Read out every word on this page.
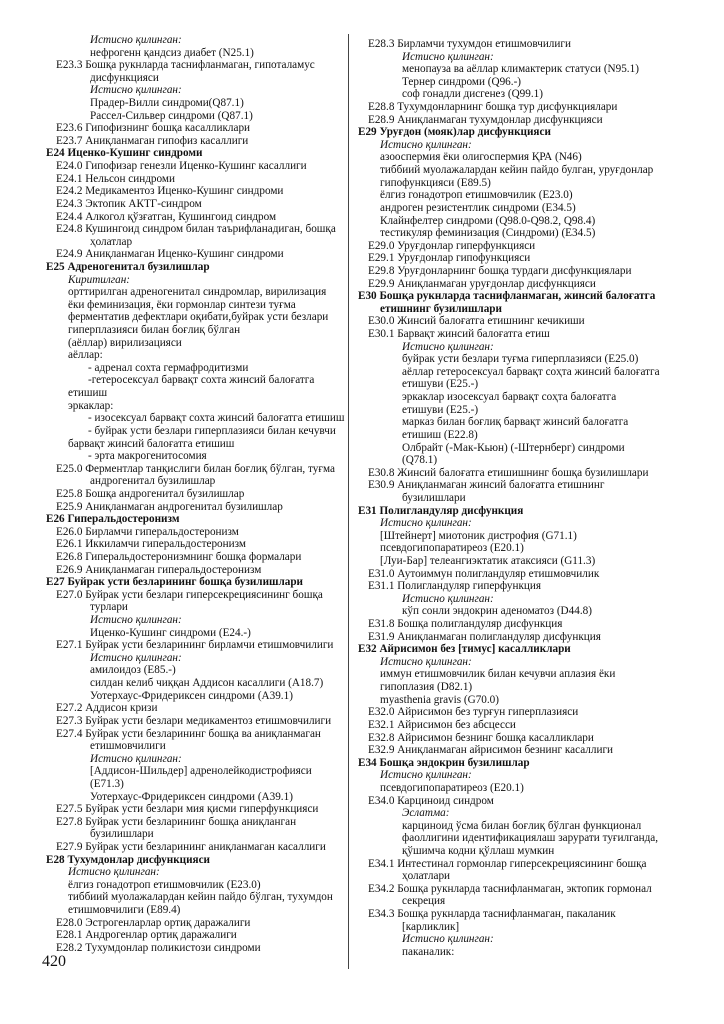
Истисно қилинган:
нефрогенн қандсиз диабет (N25.1)
E23.3 Бошқа рукнларда таснифланмаган, гипоталамус
дисфункцияси
Истисно қилинган:
Прадер-Вилли синдроми(Q87.1)
Рассел-Сильвер синдроми (Q87.1)
E23.6 Гипофизнинг бошқа касалликлари
E23.7 Аниқланмаган гипофиз касаллиги
E24 Иценко-Кушинг синдроми
E24.0 Гипофизар генезли Иценко-Кушинг касаллиги
E24.1 Нельсон синдроми
E24.2 Медикаментоз Иценко-Кушинг синдроми
E24.3 Эктопик АКТГ-синдром
E24.4 Алкогол қўзғатган, Кушингоид синдром
E24.8 Кушингоид синдром билан таърифланадиган, бошқа
ҳолатлар
E24.9 Аниқланмаган Иценко-Кушинг синдроми
E25 Адреногенитал бузилишлар
Киритилган:
орттирилган адреногенитал синдромлар, вирилизация
ёки феминизация, ёки гормонлар синтези туғма
ферментатив дефектлари оқибати,буйрак усти безлари
гиперплазияси билан боғлиқ бўлган
(аёллар) вирилизацияси
аёллар:
- адренал сохта гермафродитизми
-гетеросексуал барвақт сохта жинсий балоғатга
етишиш
эркаклар:
- изосексуал барвақт сохта жинсий балоғатга етишиш
- буйрак усти безлари гиперплазияси билан кечувчи
барвақт жинсий балоғатга етишиш
- эрта макрогенитосомия
E25.0 Ферментлар танқислиги билан боғлиқ бўлган, туғма
андрогенитал бузилишлар
E25.8 Бошқа андрогенитал бузилишлар
E25.9 Аниқланмаган андрогенитал бузилишлар
E26 Гиперальдостеронизм
E26.0 Бирламчи гиперальдостеронизм
E26.1 Иккиламчи гиперальдостеронизм
E26.8 Гиперальдостеронизмнинг бошқа формалари
E26.9 Аниқланмаган гиперальдостеронизм
E27 Буйрак усти безларининг бошқа бузилишлари
E27.0 Буйрак усти безлари гиперсекрециясининг бошқа
турлари
Истисно қилинган:
Иценко-Кушинг синдроми (E24.-)
E27.1 Буйрак усти безларининг бирламчи етишмовчилиги
Истисно қилинган:
амилоидоз (E85.-)
силдан келиб чиққан Аддисон касаллиги (A18.7)
Уотерхаус-Фридериксен синдроми (A39.1)
E27.2 Аддисон кризи
E27.3 Буйрак усти безлари медикаментоз етишмовчилиги
E27.4 Буйрак усти безларининг бошқа ва аниқланмаган
етишмовчилиги
Истисно қилинган:
[Аддисон-Шильдер] адренолейкодистрофияси
(E71.3)
Уотерхаус-Фридериксен синдроми (A39.1)
E27.5 Буйрак усти безлари мия қисми гиперфункцияси
E27.8 Буйрак усти безларининг бошқа аниқланган
бузилишлари
E27.9 Буйрак усти безларининг аниқланмаган касаллиги
E28 Тухумдонлар дисфункцияси
Истисно қилинган:
ёлгиз гонадотроп етишмовчилик (E23.0)
тиббиий муолажалардан кейин пайдо бўлган, тухумдон
етишмовчилиги (E89.4)
E28.0 Эстрогенларлар ортиқ даражалиги
E28.1 Андрогенлар ортиқ даражалиги
E28.2 Тухумдонлар поликистози синдроми
E28.3 Бирламчи тухумдон етишмовчилиги
Истисно қилинган:
менопауза ва аёллар климактерик статуси (N95.1)
Тернер синдроми (Q96.-)
соф гонадли дисгенез (Q99.1)
E28.8 Тухумдонларнинг бошқа тур дисфункциялари
E28.9 Аниқланмаган тухумдонлар дисфункцияси
E29 Уруғдон (мояк)лар дисфункцияси
Истисно қилинган:
азооспермия ёки олигоспермия ҚРА (N46)
тиббиий муолажалардан кейин пайдо булган, уруғдонлар
гипофункцияси (E89.5)
ёлгиз гонадотроп етишмовчилик (E23.0)
андроген резистентлик синдроми (E34.5)
Клайнфелтер синдроми (Q98.0-Q98.2, Q98.4)
тестикуляр феминизация (Синдроми) (E34.5)
E29.0 Уруғдонлар гиперфункцияси
E29.1 Уруғдонлар гипофункцияси
E29.8 Уруғдонларнинг бошқа турдаги дисфункциялари
E29.9 Аниқланмаган уруғдонлар дисфункцияси
E30 Бошқа рукнларда таснифланмаган, жинсий балоғатга
етишнинг бузилишлари
E30.0 Жинсий балоғатга етишнинг кечикиши
E30.1 Барвақт жинсий балоғатга етиш
Истисно қилинган:
буйрак усти безлари туғма гиперплазияси (E25.0)
аёллар гетеросексуал барвақт соҳта жинсий балоғатга
етишуви (E25.-)
эркаклар изосексуал барвақт соҳта балоғатга
етишуви (E25.-)
марказ билан боғлиқ барвақт жинсий балоғатга
етишиш (E22.8)
Олбрайт (-Мак-Кьюн) (-Штернберг) синдроми
(Q78.1)
E30.8 Жинсий балоғатга етишишнинг бошқа бузилишлари
E30.9 Аниқланмаган жинсий балоғатга етишнинг
бузилишлари
E31 Полигландуляр дисфункция
Истисно қилинган:
[Штейнерт] миотоник дистрофия (G71.1)
псевдогипопаратиреоз (E20.1)
[Луи-Бар] телеангиэктатик атаксияси (G11.3)
E31.0 Аутоиммун полигландуляр етишмовчилик
E31.1 Полигландуляр гиперфункция
Истисно қилинган:
кўп сонли эндокрин аденоматоз (D44.8)
E31.8 Бошқа полигландуляр дисфункция
E31.9 Аниқланмаган полигландуляр дисфункция
E32 Айрисимон без [тимус] касалликлари
Истисно қилинган:
иммун етишмовчилик билан кечувчи аплазия ёки
гипоплазия (D82.1)
myasthenia gravis (G70.0)
E32.0 Айрисимон без турғун гиперплазияси
E32.1 Айрисимон без абсцесси
E32.8 Айрисимон безнинг бошқа касалликлари
E32.9 Аниқланмаган айрисимон безнинг касаллиги
E34 Бошқа эндокрин бузилишлар
Истисно қилинган:
псевдогипопаратиреоз (E20.1)
E34.0 Карциноид синдром
Эслатма:
карциноид ўсма билан боғлиқ бўлган функционал
фаоллигини идентификациялаш зарурати туғилганда,
қўшимча кодни қўллаш мумкин
E34.1 Интестинал гормонлар гиперсекрециясининг бошқа
ҳолатлари
E34.2 Бошқа рукнларда таснифланмаган, эктопик гормонал
секреция
E34.3 Бошқа рукнларда таснифланмаган, пакаланик
[карликлик]
Истисно қилинган:
паканалик:
420
